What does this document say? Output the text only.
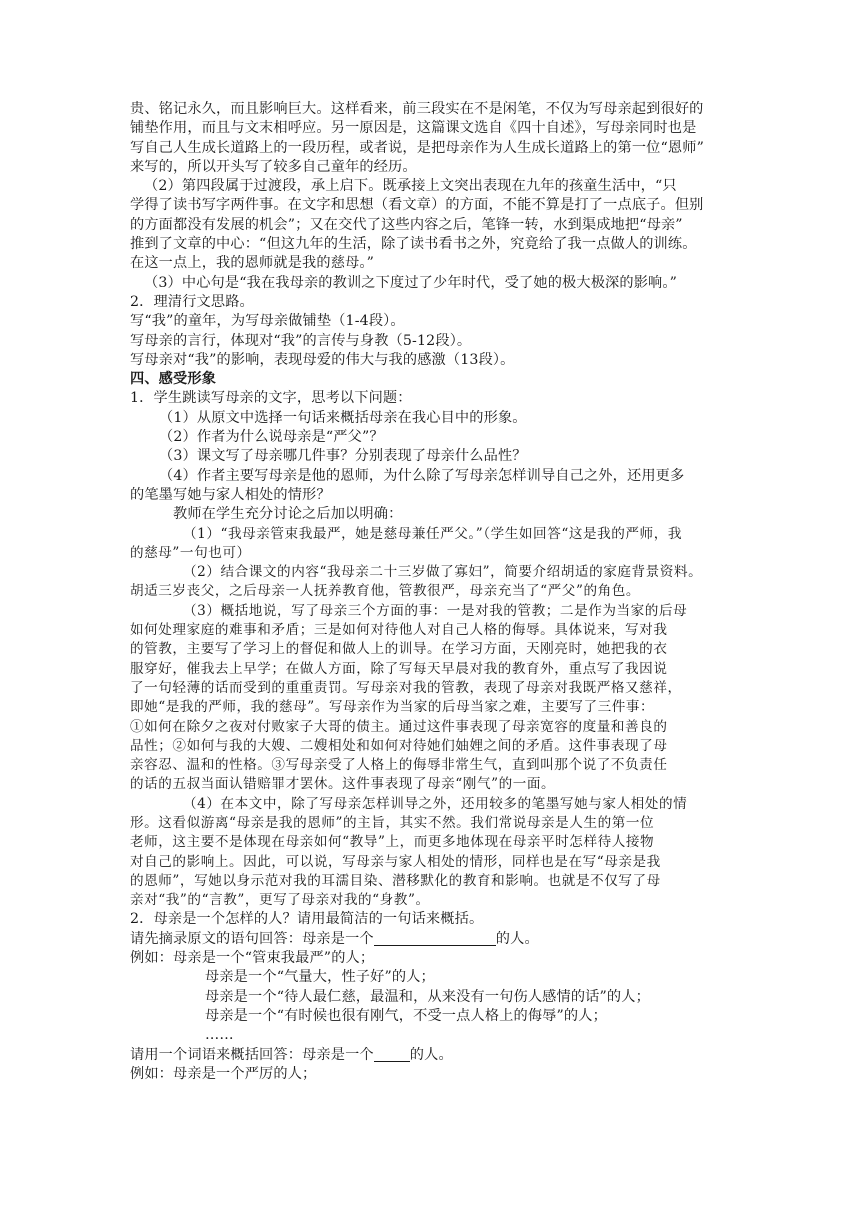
贵、铭记永久，而且影响巨大。这样看来，前三段实在不是闲笔，不仅为写母亲起到很好的
铺垫作用，而且与文末相呼应。另一原因是，这篇课文选自《四十自述》，写母亲同时也是
写自己人生成长道路上的一段历程，或者说，是把母亲作为人生成长道路上的第一位“恩师”
来写的，所以开头写了较多自己童年的经历。
（2）第四段属于过渡段，承上启下。既承接上文突出表现在九年的孩童生活中，“只
学得了读书写字两件事。在文字和思想（看文章）的方面，不能不算是打了一点底子。但别
的方面都没有发展的机会”；又在交代了这些内容之后，笔锋一转，水到渠成地把“母亲”
推到了文章的中心：“但这九年的生活，除了读书看书之外，究竟给了我一点做人的训练。
在这一点上，我的恩师就是我的慈母。”
（3）中心句是“我在我母亲的教训之下度过了少年时代，受了她的极大极深的影响。”
2．理清行文思路。
写“我”的童年，为写母亲做铺垫（1-4段）。
写母亲的言行，体现对“我”的言传与身教（5-12段）。
写母亲对“我”的影响，表现母爱的伟大与我的感激（13段）。
四、感受形象
1．学生跳读写母亲的文字，思考以下问题：
（1）从原文中选择一句话来概括母亲在我心目中的形象。
（2）作者为什么说母亲是“严父”？
（3）课文写了母亲哪几件事？分别表现了母亲什么品性？
（4）作者主要写母亲是他的恩师，为什么除了写母亲怎样训导自己之外，还用更多
的笔墨写她与家人相处的情形？
教师在学生充分讨论之后加以明确：
（1）“我母亲管束我最严，她是慈母兼任严父。”（学生如回答“这是我的严师，我
的慈母”一句也可）
（2）结合课文的内容“我母亲二十三岁做了寡妇”，简要介绍胡适的家庭背景资料。
胡适三岁丧父，之后母亲一人抚养教育他，管教很严，母亲充当了“严父”的角色。
（3）概括地说，写了母亲三个方面的事：一是对我的管教；二是作为当家的后母
如何处理家庭的难事和矛盾；三是如何对待他人对自己人格的侮辱。具体说来，写对我
的管教，主要写了学习上的督促和做人上的训导。在学习方面，天刚亮时，她把我的衣
服穿好，催我去上早学；在做人方面，除了写每天早晨对我的教育外，重点写了我因说
了一句轻薄的话而受到的重重责罚。写母亲对我的管教，表现了母亲对我既严格又慈祥，
即她“是我的严师，我的慈母”。写母亲作为当家的后母当家之难，主要写了三件事：
①如何在除夕之夜对付败家子大哥的债主。通过这件事表现了母亲宽容的度量和善良的
品性；②如何与我的大嫂、二嫂相处和如何对待她们妯娌之间的矛盾。这件事表现了母
亲容忍、温和的性格。③写母亲受了人格上的侮辱非常生气，直到叫那个说了不负责任
的话的五叔当面认错赔罪才罢休。这件事表现了母亲“刚气”的一面。
（4）在本文中，除了写母亲怎样训导之外，还用较多的笔墨写她与家人相处的情
形。这看似游离“母亲是我的恩师”的主旨，其实不然。我们常说母亲是人生的第一位
老师，这主要不是体现在母亲如何“教导”上，而更多地体现在母亲平时怎样待人接物
对自己的影响上。因此，可以说，写母亲与家人相处的情形，同样也是在写“母亲是我
的恩师”，写她以身示范对我的耳濡目染、潜移默化的教育和影响。也就是不仅写了母
亲对“我”的“言教”，更写了母亲对我的“身教”。
2．母亲是一个怎样的人？请用最简洁的一句话来概括。
请先摘录原文的语句回答：母亲是一个	的人。
例如：母亲是一个“管束我最严”的人；
母亲是一个“气量大，性子好”的人；
母亲是一个“待人最仁慈，最温和，从来没有一句伤人感情的话”的人；
母亲是一个“有时候也很有刚气，不受一点人格上的侮辱”的人；
……
请用一个词语来概括回答：母亲是一个	的人。
例如：母亲是一个严厉的人；
